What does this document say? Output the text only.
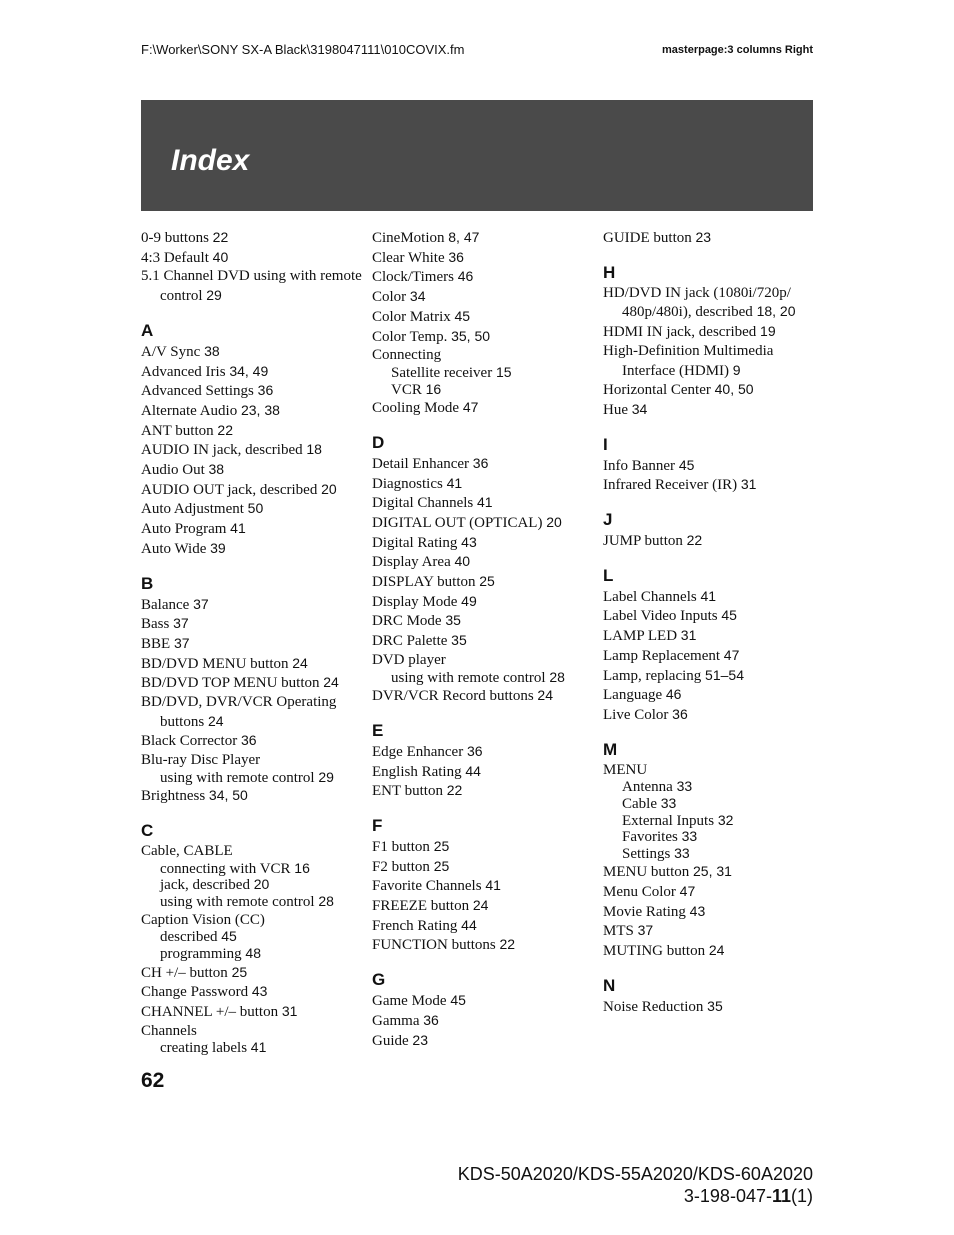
F:\Worker\SONY SX-A Black\3198047111\010COVIX.fm	masterpage:3 columns Right
Index
0-9 buttons 22
4:3 Default 40
5.1 Channel DVD using with remote control 29
A
A/V Sync 38
Advanced Iris 34, 49
Advanced Settings 36
Alternate Audio 23, 38
ANT button 22
AUDIO IN jack, described 18
Audio Out 38
AUDIO OUT jack, described 20
Auto Adjustment 50
Auto Program 41
Auto Wide 39
B
Balance 37
Bass 37
BBE 37
BD/DVD MENU button 24
BD/DVD TOP MENU button 24
BD/DVD, DVR/VCR Operating buttons 24
Black Corrector 36
Blu-ray Disc Player
using with remote control 29
Brightness 34, 50
C
Cable, CABLE
connecting with VCR 16
jack, described 20
using with remote control 28
Caption Vision (CC)
described 45
programming 48
CH +/– button 25
Change Password 43
CHANNEL +/– button 31
Channels
creating labels 41
CineMotion 8, 47
Clear White 36
Clock/Timers 46
Color 34
Color Matrix 45
Color Temp. 35, 50
Connecting
Satellite receiver 15
VCR 16
Cooling Mode 47
D
Detail Enhancer 36
Diagnostics 41
Digital Channels 41
DIGITAL OUT (OPTICAL) 20
Digital Rating 43
Display Area 40
DISPLAY button 25
Display Mode 49
DRC Mode 35
DRC Palette 35
DVD player
using with remote control 28
DVR/VCR Record buttons 24
E
Edge Enhancer 36
English Rating 44
ENT button 22
F
F1 button 25
F2 button 25
Favorite Channels 41
FREEZE button 24
French Rating 44
FUNCTION buttons 22
G
Game Mode 45
Gamma 36
Guide 23
GUIDE button 23
H
HD/DVD IN jack (1080i/720p/ 480p/480i), described 18, 20
HDMI IN jack, described 19
High-Definition Multimedia Interface (HDMI) 9
Horizontal Center 40, 50
Hue 34
I
Info Banner 45
Infrared Receiver (IR) 31
J
JUMP button 22
L
Label Channels 41
Label Video Inputs 45
LAMP LED 31
Lamp Replacement 47
Lamp, replacing 51–54
Language 46
Live Color 36
M
MENU
Antenna 33
Cable 33
External Inputs 32
Favorites 33
Settings 33
MENU button 25, 31
Menu Color 47
Movie Rating 43
MTS 37
MUTING button 24
N
Noise Reduction 35
62
KDS-50A2020/KDS-55A2020/KDS-60A2020
3-198-047-11(1)
